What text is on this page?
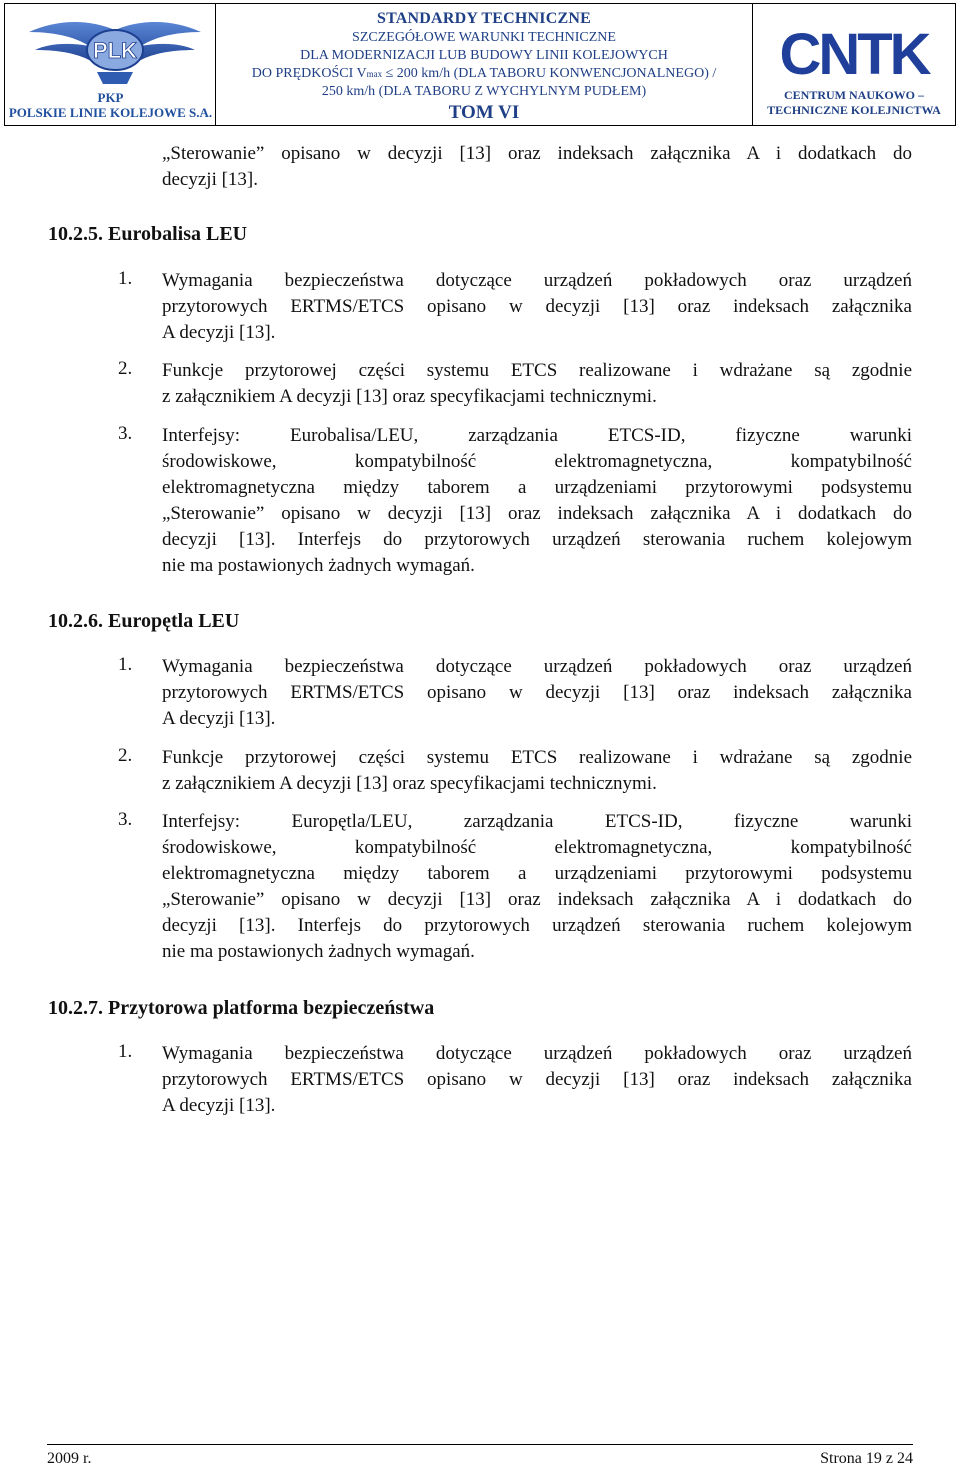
PLK
PKP
POLSKIE LINIE KOLEJOWE S.A.
STANDARDY TECHNICZNE
SZCZEGÓŁOWE WARUNKI TECHNICZNE
DLA MODERNIZACJI LUB BUDOWY LINII KOLEJOWYCH
DO PRĘDKOŚCI Vmax ≤ 200 km/h (DLA TABORU KONWENCJONALNEGO) /
250 km/h (DLA TABORU Z WYCHYLNYM PUDŁEM)
TOM VI
CNTK
CENTRUM NAUKOWO –
TECHNICZNE KOLEJNICTWA
„Sterowanie” opisano w decyzji [13] oraz indeksach załącznika A i dodatkach do
decyzji [13].
10.2.5. Eurobalisa LEU
1. Wymagania bezpieczeństwa dotyczące urządzeń pokładowych oraz urządzeń
przytorowych ERTMS/ETCS opisano w decyzji [13] oraz indeksach załącznika
A decyzji [13].
2. Funkcje przytorowej części systemu ETCS realizowane i wdrażane są zgodnie
z załącznikiem A decyzji [13] oraz specyfikacjami technicznymi.
3. Interfejsy: Eurobalisa/LEU, zarządzania ETCS-ID, fizyczne warunki
środowiskowe, kompatybilność elektromagnetyczna, kompatybilność
elektromagnetyczna między taborem a urządzeniami przytorowymi podsystemu
„Sterowanie” opisano w decyzji [13] oraz indeksach załącznika A i dodatkach do
decyzji [13]. Interfejs do przytorowych urządzeń sterowania ruchem kolejowym
nie ma postawionych żadnych wymagań.
10.2.6. Europętla LEU
1. Wymagania bezpieczeństwa dotyczące urządzeń pokładowych oraz urządzeń
przytorowych ERTMS/ETCS opisano w decyzji [13] oraz indeksach załącznika
A decyzji [13].
2. Funkcje przytorowej części systemu ETCS realizowane i wdrażane są zgodnie
z załącznikiem A decyzji [13] oraz specyfikacjami technicznymi.
3. Interfejsy: Europętla/LEU, zarządzania ETCS-ID, fizyczne warunki
środowiskowe, kompatybilność elektromagnetyczna, kompatybilność
elektromagnetyczna między taborem a urządzeniami przytorowymi podsystemu
„Sterowanie” opisano w decyzji [13] oraz indeksach załącznika A i dodatkach do
decyzji [13]. Interfejs do przytorowych urządzeń sterowania ruchem kolejowym
nie ma postawionych żadnych wymagań.
10.2.7. Przytorowa platforma bezpieczeństwa
1. Wymagania bezpieczeństwa dotyczące urządzeń pokładowych oraz urządzeń
przytorowych ERTMS/ETCS opisano w decyzji [13] oraz indeksach załącznika
A decyzji [13].
2009 r.	Strona 19 z 24
